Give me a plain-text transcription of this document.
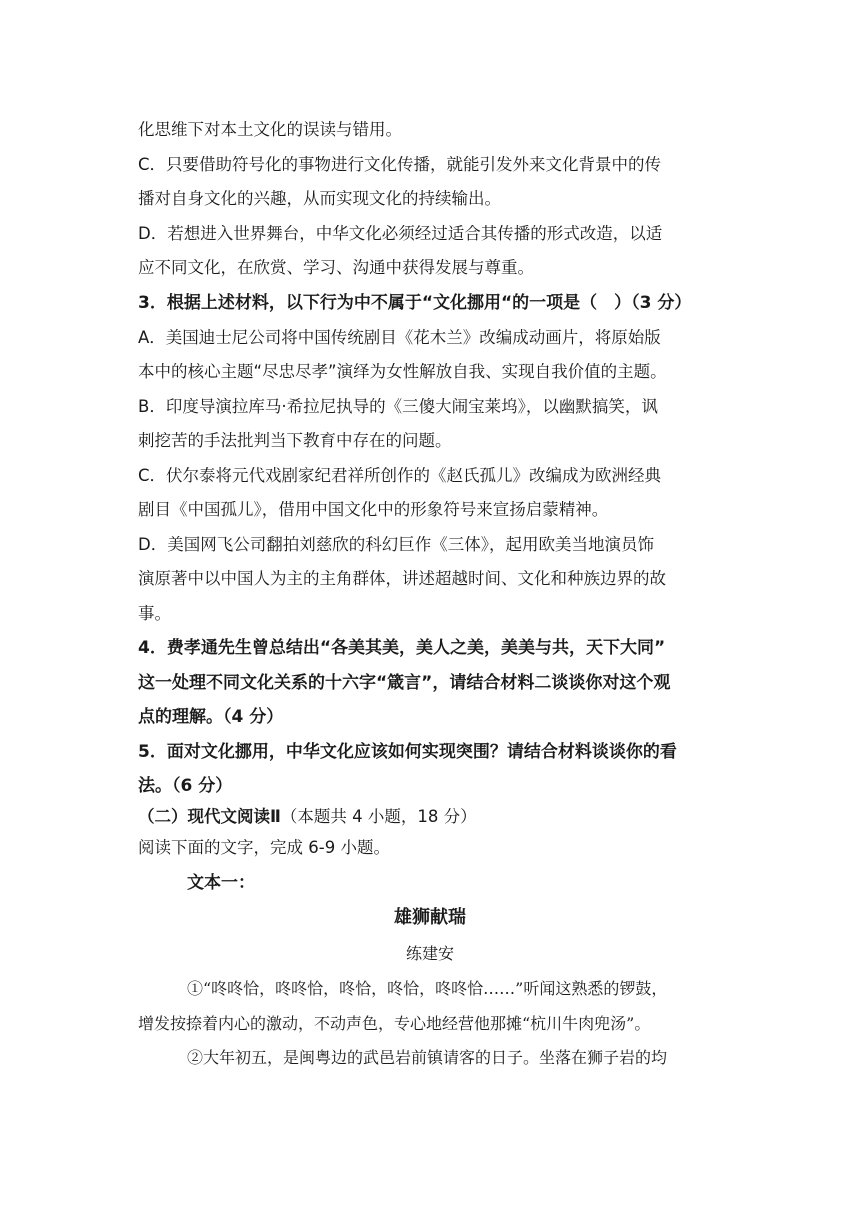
化思维下对本土文化的误读与错用。
C．只要借助符号化的事物进行文化传播，就能引发外来文化背景中的传
播对自身文化的兴趣，从而实现文化的持续输出。
D．若想进入世界舞台，中华文化必须经过适合其传播的形式改造，以适
应不同文化，在欣赏、学习、沟通中获得发展与尊重。
3．根据上述材料，以下行为中不属于“文化挪用“的一项是（　）（3 分）
A．美国迪士尼公司将中国传统剧目《花木兰》改编成动画片，将原始版
本中的核心主题“尽忠尽孝”演绎为女性解放自我、实现自我价值的主题。
B．印度导演拉库马·希拉尼执导的《三傻大闹宝莱坞》，以幽默搞笑，讽
刺挖苦的手法批判当下教育中存在的问题。
C．伏尔泰将元代戏剧家纪君祥所创作的《赵氏孤儿》改编成为欧洲经典
剧目《中国孤儿》，借用中国文化中的形象符号来宣扬启蒙精神。
D．美国网飞公司翻拍刘慈欣的科幻巨作《三体》，起用欧美当地演员饰
演原著中以中国人为主的主角群体，讲述超越时间、文化和种族边界的故
事。
4．费孝通先生曾总结出“各美其美，美人之美，美美与共，天下大同”
这一处理不同文化关系的十六字“箴言”，请结合材料二谈谈你对这个观
点的理解。（4 分）
5．面对文化挪用，中华文化应该如何实现突围？请结合材料谈谈你的看
法。（6 分）
（二）现代文阅读Ⅱ（本题共 4 小题，18 分）
阅读下面的文字，完成 6-9 小题。
文本一：
雄狮献瑞
练建安
①“咚咚恰，咚咚恰，咚恰，咚恰，咚咚恰……”听闻这熟悉的锣鼓，
增发按捺着内心的激动，不动声色，专心地经营他那摊“杭川牛肉兜汤”。
②大年初五，是闽粤边的武邑岩前镇请客的日子。坐落在狮子岩的均
